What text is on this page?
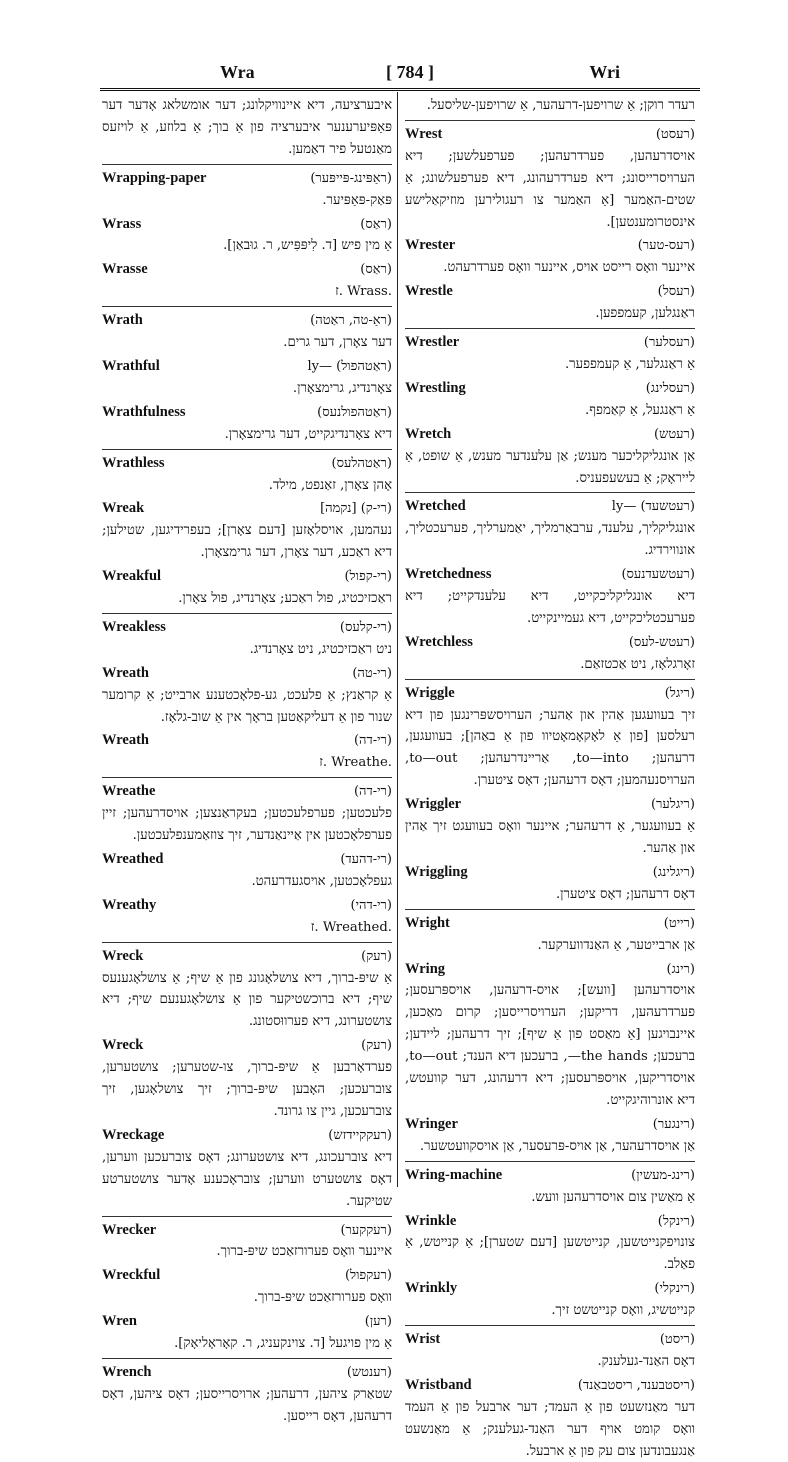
Wra	[ 784 ]	Wri
איבערציעה, דיא איינוויקלונג; דער אומשלאג אָדער דער פּאַפּיערענער איבערציה פון אַ בוך; אַ בלוזע, אַ לויזעס מאַנטעל פיר דאַמען.
Wrapping-paper	(ראַפּינג-פּייפּער)
פּאַק-פּאַפּיער.
Wrass	(ראַס)
אַ מין פיש [ד. לִיפּפִּיש, ר. גוּבאַן].
Wrasse	(ראַס)
.Wrass .ז
Wrath	(ראַ-טה, ראַטה)
דער צאָרן, דער גרים.
Wrathful	(ראַטהפול) —ly
צאָרנדיג, גרימצאָרן.
Wrathfulness	(ראַטהפולנעס)
דיא צאָרנדיגקייט, דער גרימצאָרן.
Wrathless	(ראַטהלעס)
אָהן צאָרן, זאַנפט, מילד.
Wreak	(רי-ק) [נקמה]
נעהמען, אויסלאָזען [דעם צאָרן]; בעפרידיגען, שטילען; דיא ראַכע, דער צאָרן, דער גרימצאָרן.
Wreakful	(רי-קפול)
ראַכזיכטיג, פול ראַכע; צאָרנדיג, פול צאָרן.
Wreakless	(רי-קלעס)
ניט ראַכזיכטיג, ניט צאָרנדיג.
Wreath	(רי-טה)
אַ קראַנץ; אַ פלעכט, גע-פלאָכטענע ארבייט; אַ קרומער שנור פון אַ דעליקאַטען בראָך אין אַ שוב-גלאָז.
Wreath	(רי-דה)
.Wreathe .ז
Wreathe	(רי-דה)
פלעכטען; פערפלעכטען; בעקראַנצען; אויסדרעהען; זיין פערפלאָכטען אין אַיינאַנדער, זיך צוזאַמענפלעכטען.
Wreathed	(רי-דהעד)
געפלאָכטען, אויסגעדרעהט.
Wreathy	(רי-דהי)
.Wreathed .ז
Wreck	(רעק)
אַ שיפּ-ברוך, דיא צושלאָגונג פון אַ שיף; אַ צושלאָגענעס שיף; דיא ברוכשטיקער פון אַ צושלאָגענעם שיף; דיא צושטערונג, דיא פערווּסטונג.
Wreck	(רעק)
פערדאָרבען אַ שיפּ-ברוך, צו-שטערען; צושטערען, צוברעכען; האָבען שיפּ-ברוך; זיך צושלאָגען, זיך צוברעכען, גיין צו גרונד.
Wreckage	(רעקקיידזש)
דיא צוברעכונג, דיא צושטערונג; דאָס צוברעכען ווערען, דאָס צושטערט ווערען; צובראָכענע אָדער צושטערטע שטיקער.
Wrecker	(רעקקער)
איינער וואָס פערורזאַכט שיפּ-ברוך.
Wreckful	(רעקפול)
וואָס פערורזאַכט שיפּ-ברוך.
Wren	(רען)
אַ מין פויגעל [ד. צוינקעניג, ר. קאָראָליאָק].
Wrench	(רענטש)
שטאַרק ציהען, דרעהען; ארויסרייסען; דאָס ציהען, דאָס דרעהען, דאָס רייסען.
רעדר רוקן; אַ שרויפען-דרעהער, אַ שרויפען-שליסעל.
Wrest	(רעסט)
אויסדרעהען, פערדרעהען; פערפעלשען; דיא הערויסרייסונג; דיא פערדרעהונג, דיא פערפעלשונג; אַ שטים-האַמער [אַ האַמער צו רעגולירען מוזיקאַלישע אינסטרומענטען].
Wrester	(רעס-טער)
איינער וואָס רייסט אויס, איינער וואָס פערדרעהט.
Wrestle	(רעסל)
ראַנגלען, קעמפפען.
Wrestler	(רעסלער)
אַ ראַנגלער, אַ קעמפפער.
Wrestling	(רעסלינג)
אַ ראַנגעל, אַ קאַמפף.
Wretch	(רעטש)
אַן אונגליקליכער מענש; אַן עלענדער מענש, אַ שופט, אַ לייראָק; אַ בעשעפעניס.
Wretched	(רעטשעד) —ly
אונגליקליך, עלענד, ערבאַרמליך, יאַמערליך, פערעכטליך, אונווירדיג.
Wretchedness	(רעטשעדנעס)
דיא אונגליקליכקייט, דיא עלענדקייט; דיא פערעכטליכקייט, דיא געמיינקייט.
Wretchless	(רעטש-לעס)
זאָרגלאָז, ניט אַכטזאַם.
Wriggle	(ריגל)
זיך בעוועגען אַהין און אַהער; הערויסשפּרינגען פון דיא רעלסען [פון אַ לאָקאָמאָטיוו פון אַ באַהן]; בעוועגען, דרעהען; to—into, אַריינדרעהען; to—out, הערויסנעהמען; דאָס דרעהען; דאָס ציטערן.
Wriggler	(ריגלער)
אַ בעוועגער, אַ דרעהער; איינער וואָס בעוועגט זיך אַהין און אַהער.
Wriggling	(ריגלינג)
דאָס דרעהען; דאָס ציטערן.
Wright	(רייט)
אַן ארבייטער, אַ האַנדווערקער.
Wring	(רינג)
אויסדרעהען [וועש]; אויס-דרעהען, אויספּרעסען; פערדרעהען, דריקען; הערויסרייסען; קרום מאַכען, איינבויגען [אַ מאַסט פון אַ שיף]; זיך דרעהען; ליידען; ברעכען; the hands—, ברעכען דיא הענד; to—out, אויסדריקען, אויספּרעסען; דיא דרעהונג, דער קוועטש, דיא אונרוהיגקייט.
Wringer	(רינגער)
אַן אויסדרעהער, אַן אויס-פּרעסער, אַן אויסקוועטשער.
Wring-machine	(רינג-מעשין)
אַ מאַשין צום אויסדרעהען וועש.
Wrinkle	(רינקל)
צונויפקנייטשען, קנייטשען [דעם שטערן]; אַ קנייטש, אַ פאַלב.
Wrinkly	(רינקלי)
קנייטשיג, וואָס קנייטשט זיך.
Wrist	(ריסט)
דאָס האַנד-געלענק.
Wristband	(ריסטבענד, ריסטבאַנד)
דער מאַנזשעט פון אַ העמד; דער ארבעל פון אַ העמד וואָס קומט אויף דער האַנד-געלענק; אַ מאַנשעט אַנגעבונדען צום עק פון אַ ארבעל.
